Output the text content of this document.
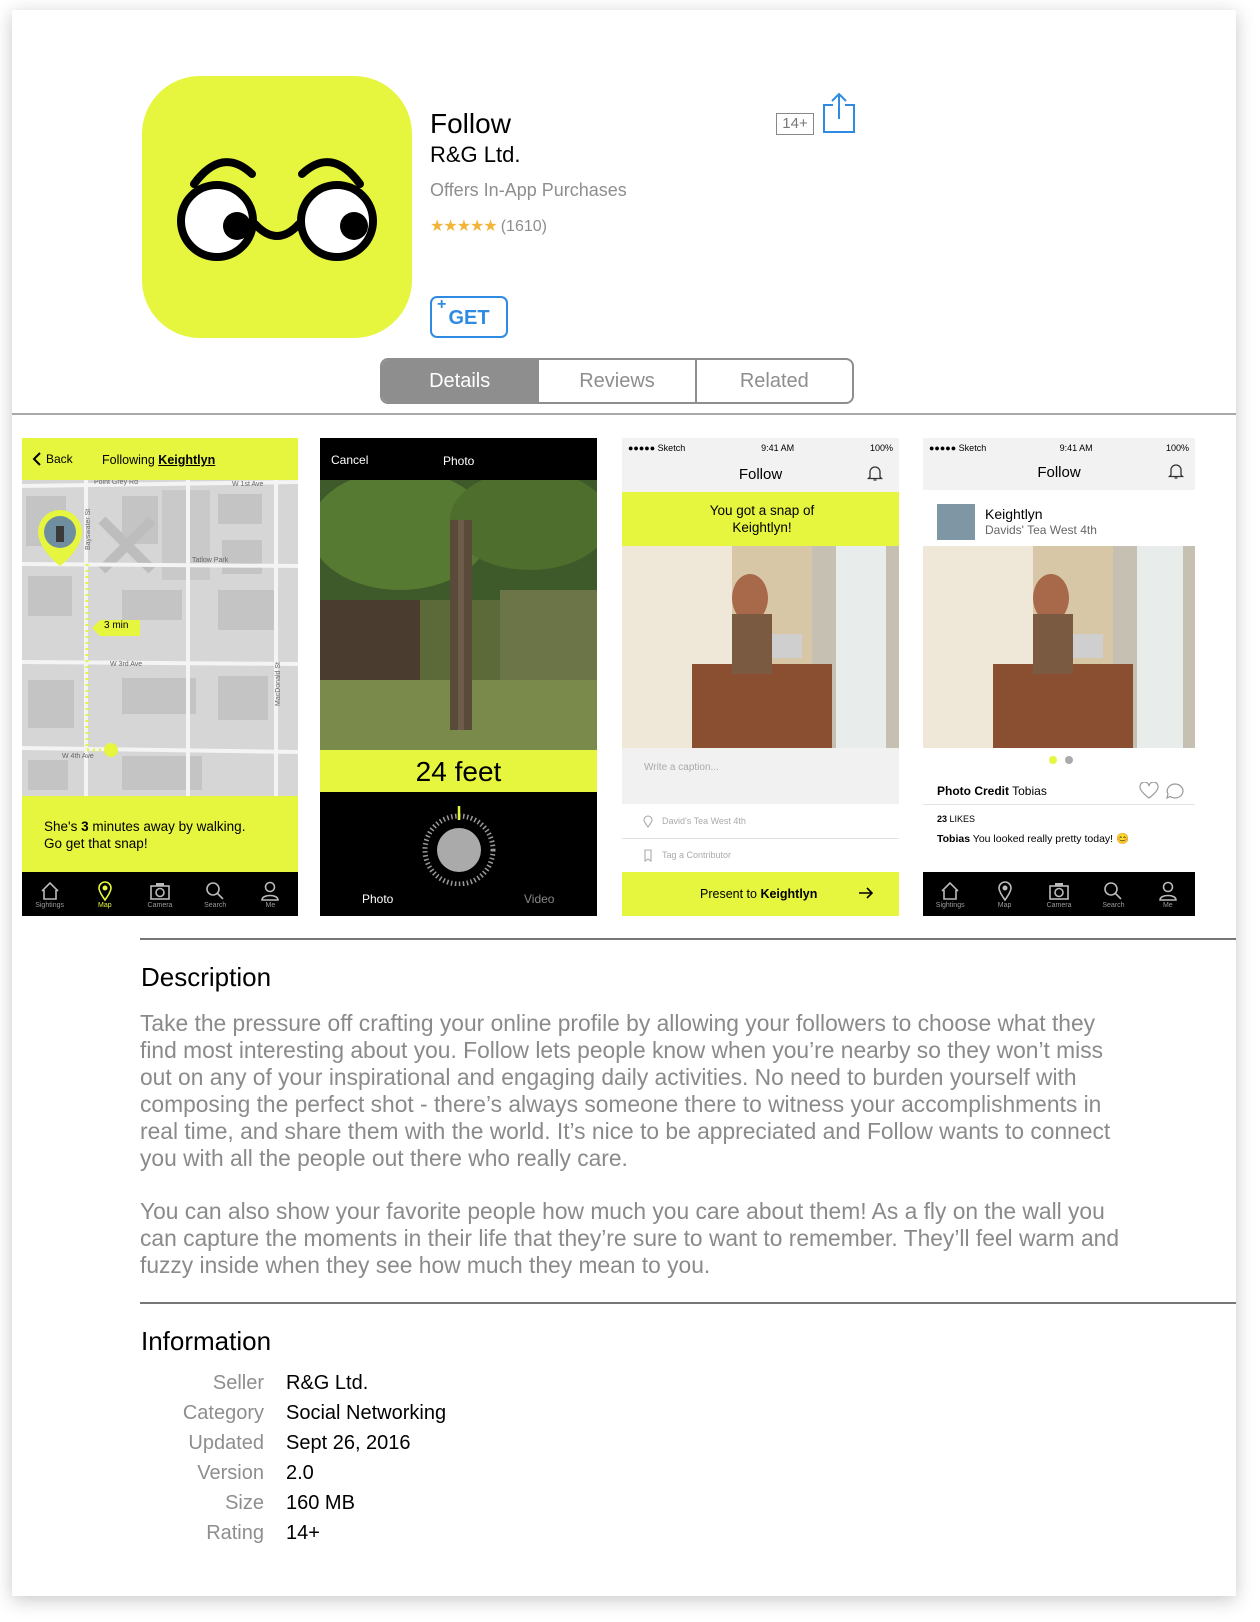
Follow
R&G Ltd.
Offers In-App Purchases
★★★★★ (1610)
14+
+
GET
Details	Reviews	Related
Back Following Keightlyn
Point Grey Rd	W 1st Ave
Tatlow Park
W 3rd Ave
W 4th Ave
Bayswater St
MacDonald St
3 min
She's 3 minutes away by walking.
Go get that snap!
Sightings	Map	Camera	Search	Me
Cancel	Photo
24 feet
Photo	Video
●●●●● Sketch	9:41 AM	100%
Follow
You got a snap of Keightlyn!
Write a caption...
David's Tea West 4th
Tag a Contributor
Present to Keightlyn
●●●●● Sketch	9:41 AM	100%
Follow
Keightlyn
Davids' Tea West 4th
Photo Credit Tobias
23 LIKES
Tobias You looked really pretty today! 😊
Sightings	Map	Camera	Search	Me
Description

Take the pressure off crafting your online profile by allowing your followers to choose what they find most interesting about you. Follow lets people know when you’re nearby so they won’t miss out on any of your inspirational and engaging daily activities. No need to burden yourself with composing the perfect shot - there’s always someone there to witness your accomplishments in real time, and share them with the world. It’s nice to be appreciated and Follow wants to connect you with all the people out there who really care.

You can also show your favorite people how much you care about them! As a fly on the wall you can capture the moments in their life that they’re sure to want to remember. They’ll feel warm and fuzzy inside when they see how much they mean to you.

Information
Seller R&G Ltd.
Category Social Networking
Updated Sept 26, 2016
Version 2.0
Size 160 MB
Rating 14+
